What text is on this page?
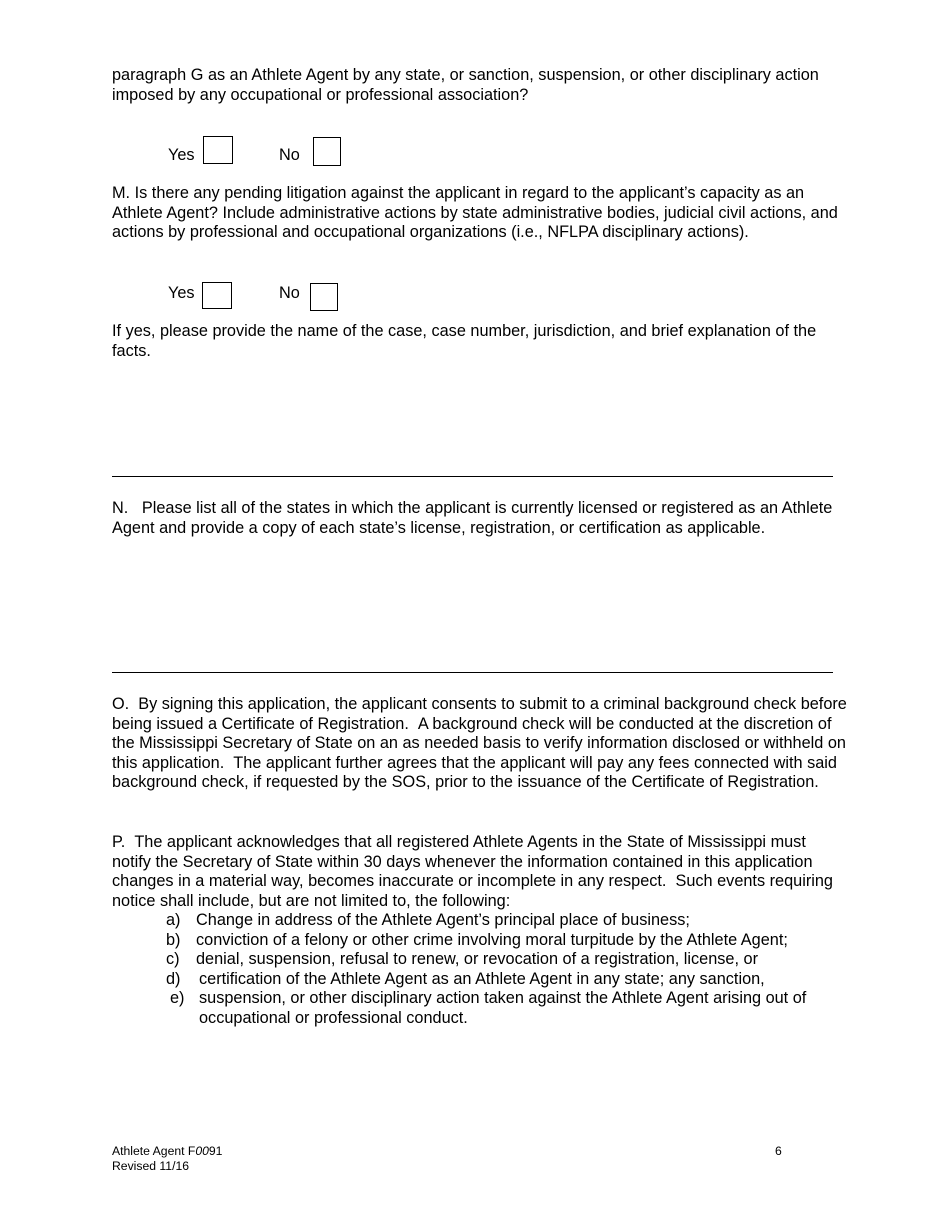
paragraph G as an Athlete Agent by any state, or sanction, suspension, or other disciplinary action imposed by any occupational or professional association?

Yes	No

M. Is there any pending litigation against the applicant in regard to the applicant’s capacity as an Athlete Agent? Include administrative actions by state administrative bodies, judicial civil actions, and actions by professional and occupational organizations (i.e., NFLPA disciplinary actions).

Yes	No

If yes, please provide the name of the case, case number, jurisdiction, and brief explanation of the facts.

N.   Please list all of the states in which the applicant is currently licensed or registered as an Athlete Agent and provide a copy of each state’s license, registration, or certification as applicable.

O.  By signing this application, the applicant consents to submit to a criminal background check before being issued a Certificate of Registration.  A background check will be conducted at the discretion of the Mississippi Secretary of State on an as needed basis to verify information disclosed or withheld on this application.  The applicant further agrees that the applicant will pay any fees connected with said background check, if requested by the SOS, prior to the issuance of the Certificate of Registration.

P.  The applicant acknowledges that all registered Athlete Agents in the State of Mississippi must notify the Secretary of State within 30 days whenever the information contained in this application changes in a material way, becomes inaccurate or incomplete in any respect.  Such events requiring notice shall include, but are not limited to, the following:

a) Change in address of the Athlete Agent’s principal place of business;
b) conviction of a felony or other crime involving moral turpitude by the Athlete Agent;
c) denial, suspension, refusal to renew, or revocation of a registration, license, or
d) certification of the Athlete Agent as an Athlete Agent in any state; any sanction,
e) suspension, or other disciplinary action taken against the Athlete Agent arising out of
occupational or professional conduct.
Athlete Agent F0091
Revised 11/16
6
